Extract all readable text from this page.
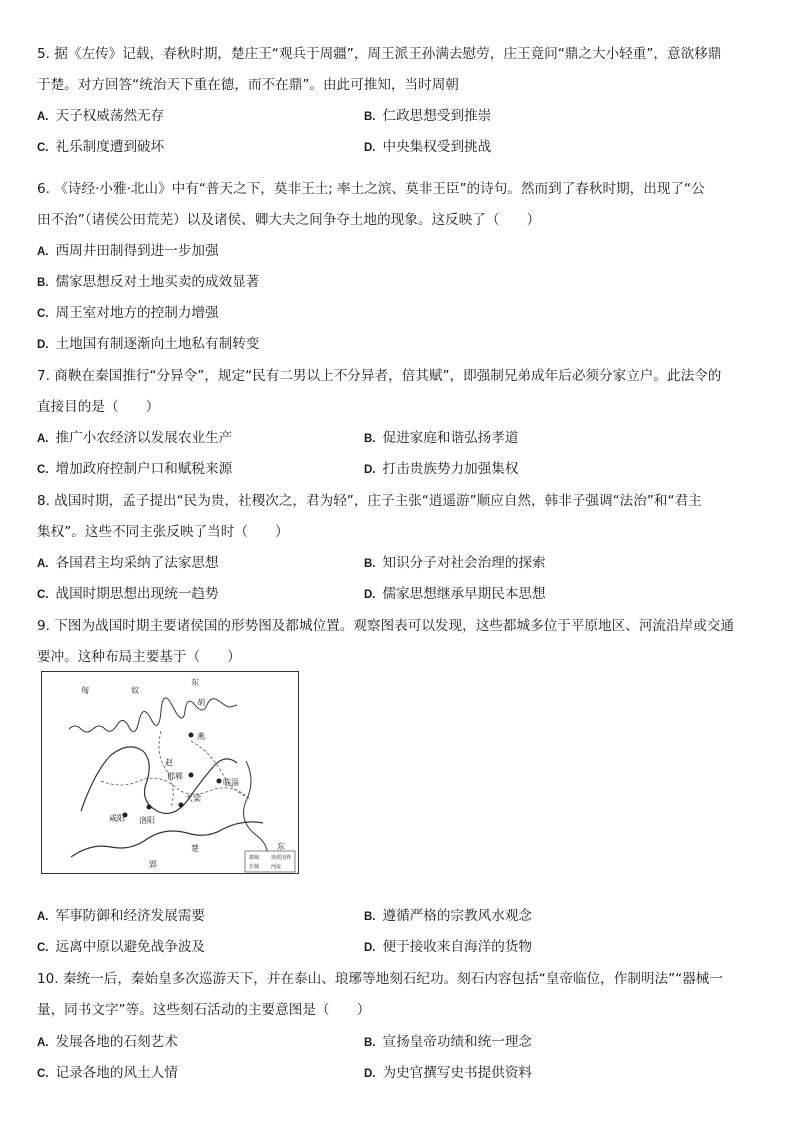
5. 据《左传》记载，春秋时期，楚庄王“观兵于周疆”，周王派王孙满去慰劳，庄王竟问“鼎之大小轻重”，意欲移鼎
于楚。对方回答“统治天下重在德，而不在鼎”。由此可推知，当时周朝
A. 天子权威荡然无存	B. 仁政思想受到推崇
C. 礼乐制度遭到破坏	D. 中央集权受到挑战
6. 《诗经·小雅·北山》中有“普天之下，莫非王土; 率土之滨、莫非王臣”的诗句。然而到了春秋时期，出现了“公
田不治”（诸侯公田荒芜）以及诸侯、卿大夫之间争夺土地的现象。这反映了（　　）
A. 西周井田制得到进一步加强
B. 儒家思想反对土地买卖的成效显著
C. 周王室对地方的控制力增强
D. 土地国有制逐渐向土地私有制转变
7. 商鞅在秦国推行“分异令”，规定“民有二男以上不分异者，倍其赋”，即强制兄弟成年后必须分家立户。此法令的
直接目的是（　　）
A. 推广小农经济以发展农业生产	B. 促进家庭和谐弘扬孝道
C. 增加政府控制户口和赋税来源	D. 打击贵族势力加强集权
8. 战国时期，孟子提出“民为贵，社稷次之，君为轻”，庄子主张“逍遥游”顺应自然，韩非子强调“法治”和“君主
集权”。这些不同主张反映了当时（　　）
A. 各国君主均采纳了法家思想	B. 知识分子对社会治理的探索
C. 战国时期思想出现统一趋势	D. 儒家思想继承早期民本思想
9. 下图为战国时期主要诸侯国的形势图及都城位置。观察图表可以发现，这些都城多位于平原地区、河流沿岸或交通
要冲。这种布局主要基于（　　）
匈	奴
东
胡
燕
赵
邯郸
临淄
洛阳
咸阳
大梁
郢
楚	东
都城 诸侯国界
长城 河流
A. 军事防御和经济发展需要	B. 遵循严格的宗教风水观念
C. 远离中原以避免战争波及	D. 便于接收来自海洋的货物
10. 秦统一后，秦始皇多次巡游天下，并在泰山、琅琊等地刻石纪功。刻石内容包括“皇帝临位，作制明法”“器械一
量，同书文字”等。这些刻石活动的主要意图是（　　）
A. 发展各地的石刻艺术	B. 宣扬皇帝功绩和统一理念
C. 记录各地的风土人情	D. 为史官撰写史书提供资料
